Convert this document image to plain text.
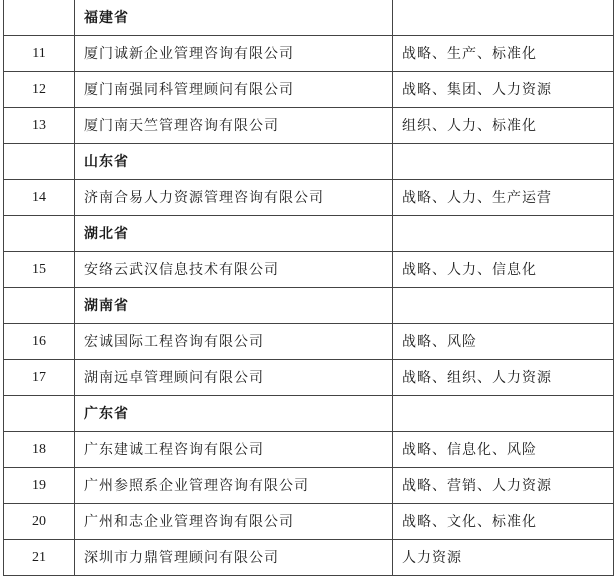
	福建省	
11	厦门诚新企业管理咨询有限公司	战略、生产、标准化
12	厦门南强同科管理顾问有限公司	战略、集团、人力资源
13	厦门南天竺管理咨询有限公司	组织、人力、标准化
	山东省	
14	济南合易人力资源管理咨询有限公司	战略、人力、生产运营
	湖北省	
15	安络云武汉信息技术有限公司	战略、人力、信息化
	湖南省	
16	宏诚国际工程咨询有限公司	战略、风险
17	湖南远卓管理顾问有限公司	战略、组织、人力资源
	广东省	
18	广东建诚工程咨询有限公司	战略、信息化、风险
19	广州参照系企业管理咨询有限公司	战略、营销、人力资源
20	广州和志企业管理咨询有限公司	战略、文化、标准化
21	深圳市力鼎管理顾问有限公司	人力资源
